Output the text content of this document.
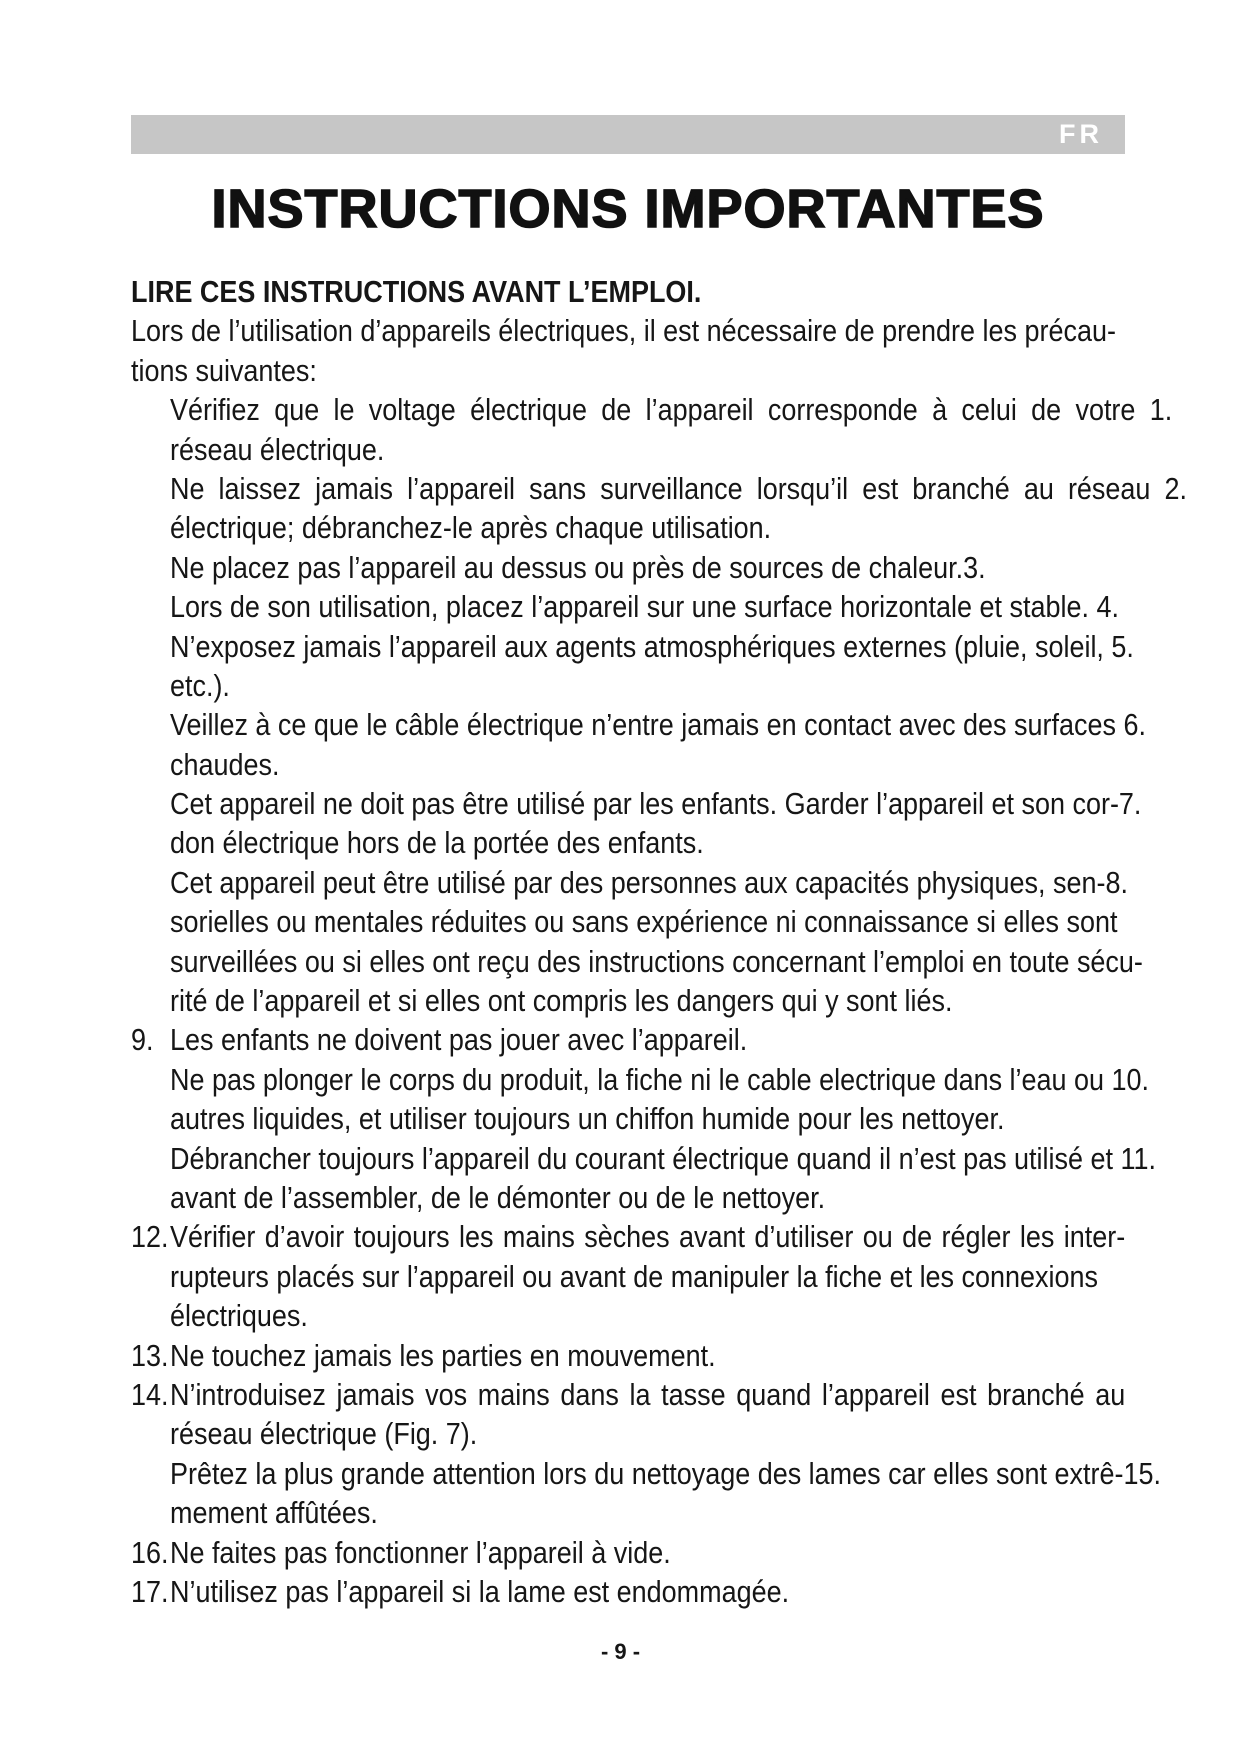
FR
INSTRUCTIONS IMPORTANTES
LIRE CES INSTRUCTIONS AVANT L’EMPLOI.
Lors de l’utilisation d’appareils électriques, il est nécessaire de prendre les précau-
tions suivantes:
Vérifiez que le voltage électrique de l’appareil corresponde à celui de votre 1.
réseau électrique.
Ne laissez jamais l’appareil sans surveillance lorsqu’il est branché au réseau 2.
électrique; débranchez-le après chaque utilisation.
Ne placez pas l’appareil au dessus ou près de sources de chaleur.3.
Lors de son utilisation, placez l’appareil sur une surface horizontale et stable. 4.
N’exposez jamais l’appareil aux agents atmosphériques externes (pluie, soleil, 5.
etc.).
Veillez à ce que le câble électrique n’entre jamais en contact avec des surfaces 6.
chaudes.
Cet appareil ne doit pas être utilisé par les enfants. Garder l’appareil et son cor-7.
don électrique hors de la portée des enfants.
Cet appareil peut être utilisé par des personnes aux capacités physiques, sen-8.
sorielles ou mentales réduites ou sans expérience ni connaissance si elles sont
surveillées ou si elles ont reçu des instructions concernant l’emploi en toute sécu-
rité de l’appareil et si elles ont compris les dangers qui y sont liés.
9. Les enfants ne doivent pas jouer avec l’appareil.
Ne pas plonger le corps du produit, la fiche ni le cable electrique dans l’eau ou 10.
autres liquides, et utiliser toujours un chiffon humide pour les nettoyer.
Débrancher toujours l’appareil du courant électrique quand il n’est pas utilisé et 11.
avant de l’assembler, de le démonter ou de le nettoyer.
12. Vérifier d’avoir toujours les mains sèches avant d’utiliser ou de régler les inter-
rupteurs placés sur l’appareil ou avant de manipuler la fiche et les connexions
électriques.
13. Ne touchez jamais les parties en mouvement.
14. N’introduisez jamais vos mains dans la tasse quand l’appareil est branché au
réseau électrique (Fig. 7).
Prêtez la plus grande attention lors du nettoyage des lames car elles sont extrê-15.
mement affûtées.
16. Ne faites pas fonctionner l’appareil à vide.
17. N’utilisez pas l’appareil si la lame est endommagée.
- 9 -
